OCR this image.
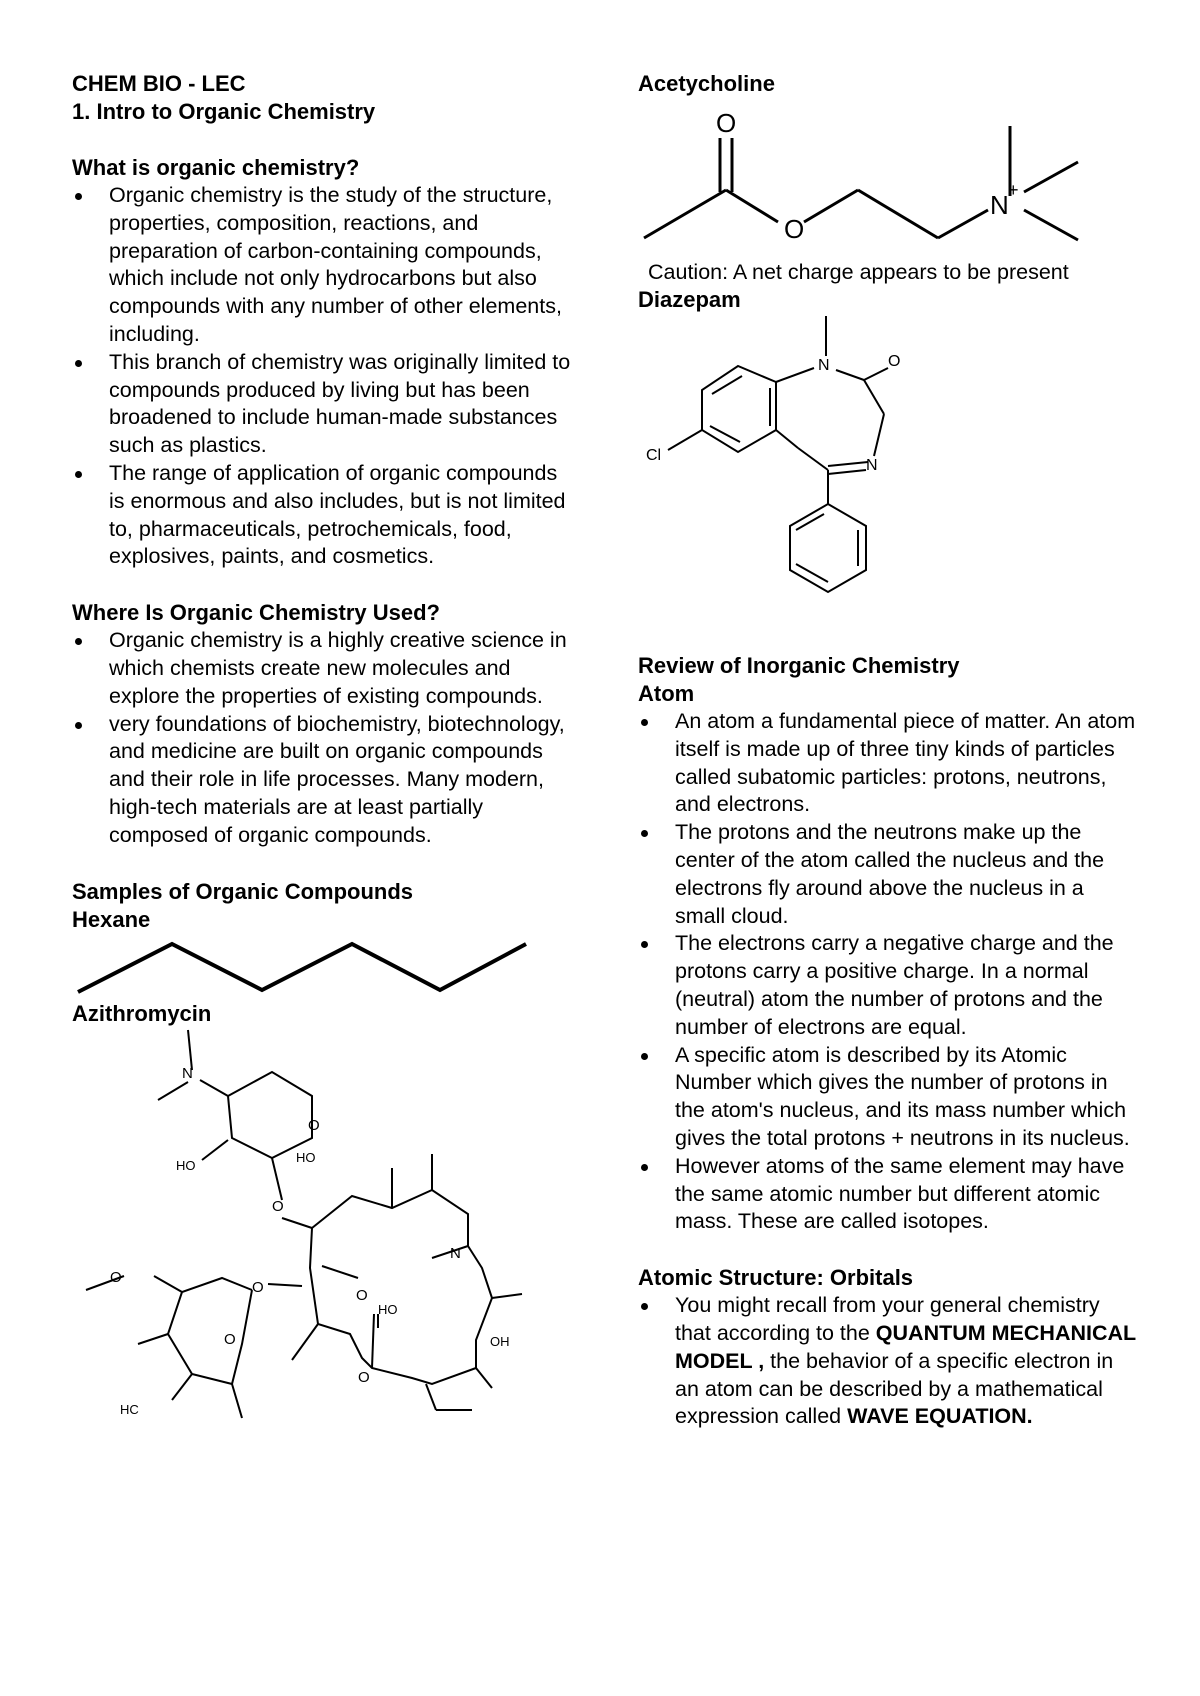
CHEM BIO - LEC

1. Intro to Organic Chemistry

What is organic chemistry?

Organic chemistry is the study of the structure, properties, composition, reactions, and preparation of carbon-containing compounds, which include not only hydrocarbons but also compounds with any number of other elements, including.
This branch of chemistry was originally limited to compounds produced by living but has been broadened to include human-made substances such as plastics.
The range of application of organic compounds is enormous and also includes, but is not limited to, pharmaceuticals, petrochemicals, food, explosives, paints, and cosmetics.

Where Is Organic Chemistry Used?

Organic chemistry is a highly creative science in which chemists create new molecules and explore the properties of existing compounds.
very foundations of biochemistry, biotechnology, and medicine are built on organic compounds and their role in life processes. Many modern, high-tech materials are at least partially composed of organic compounds.

Samples of Organic Compounds

Hexane

Azithromycin

N
O
HO
O
HO
N
O
O
O
O
O
HO
OH
HC

Acetycholine

O
O
N +
Caution: A net charge appears to be present

Diazepam

N	O
N
Cl

Review of Inorganic Chemistry

Atom

An atom a fundamental piece of matter. An atom itself is made up of three tiny kinds of particles called subatomic particles: protons, neutrons, and electrons.
The protons and the neutrons make up the center of the atom called the nucleus and the electrons fly around above the nucleus in a small cloud.
The electrons carry a negative charge and the protons carry a positive charge. In a normal (neutral) atom the number of protons and the number of electrons are equal.
A specific atom is described by its Atomic Number which gives the number of protons in the atom's nucleus, and its mass number which gives the total protons + neutrons in its nucleus.
However atoms of the same element may have the same atomic number but different atomic mass. These are called isotopes.

Atomic Structure: Orbitals

You might recall from your general chemistry that according to the QUANTUM MECHANICAL MODEL , the behavior of a specific electron in an atom can be described by a mathematical expression called WAVE EQUATION.
